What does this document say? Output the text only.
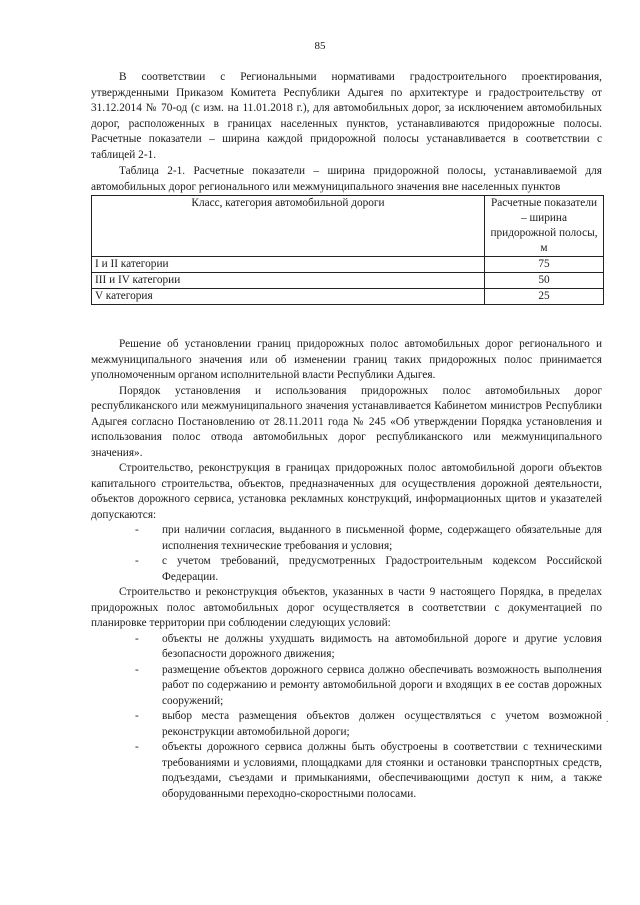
85

В соответствии с Региональными нормативами градостроительного проектирования, утвержденными Приказом Комитета Республики Адыгея по архитектуре и градостроительству от 31.12.2014 № 70-од (с изм. на 11.01.2018 г.), для автомобильных дорог, за исключением автомобильных дорог, расположенных в границах населенных пунктов, устанавливаются придорожные полосы. Расчетные показатели – ширина каждой придорожной полосы устанавливается в соответствии с таблицей 2-1.

Таблица 2-1. Расчетные показатели – ширина придорожной полосы, устанавливаемой для автомобильных дорог регионального или межмуниципального значения вне населенных пунктов

Класс, категория автомобильной дороги	Расчетные показатели – ширина придорожной полосы, м
I и II категории	75
III и IV категории	50
V категория	25

Решение об установлении границ придорожных полос автомобильных дорог регионального и межмуниципального значения или об изменении границ таких придорожных полос принимается уполномоченным органом исполнительной власти Республики Адыгея.

Порядок установления и использования придорожных полос автомобильных дорог республиканского или межмуниципального значения устанавливается Кабинетом министров Республики Адыгея согласно Постановлению от 28.11.2011 года № 245 «Об утверждении Порядка установления и использования полос отвода автомобильных дорог республиканского или межмуниципального значения».

Строительство, реконструкция в границах придорожных полос автомобильной дороги объектов капитального строительства, объектов, предназначенных для осуществления дорожной деятельности, объектов дорожного сервиса, установка рекламных конструкций, информационных щитов и указателей допускаются:

- при наличии согласия, выданного в письменной форме, содержащего обязательные для исполнения технические требования и условия;
- с учетом требований, предусмотренных Градостроительным кодексом Российской Федерации.

Строительство и реконструкция объектов, указанных в части 9 настоящего Порядка, в пределах придорожных полос автомобильных дорог осуществляется в соответствии с документацией по планировке территории при соблюдении следующих условий:

- объекты не должны ухудшать видимость на автомобильной дороге и другие условия безопасности дорожного движения;
- размещение объектов дорожного сервиса должно обеспечивать возможность выполнения работ по содержанию и ремонту автомобильной дороги и входящих в ее состав дорожных сооружений;
- выбор места размещения объектов должен осуществляться с учетом возможной реконструкции автомобильной дороги;
- объекты дорожного сервиса должны быть обустроены в соответствии с техническими требованиями и условиями, площадками для стоянки и остановки транспортных средств, подъездами, съездами и примыканиями, обеспечивающими доступ к ним, а также оборудованными переходно-скоростными полосами.
.
